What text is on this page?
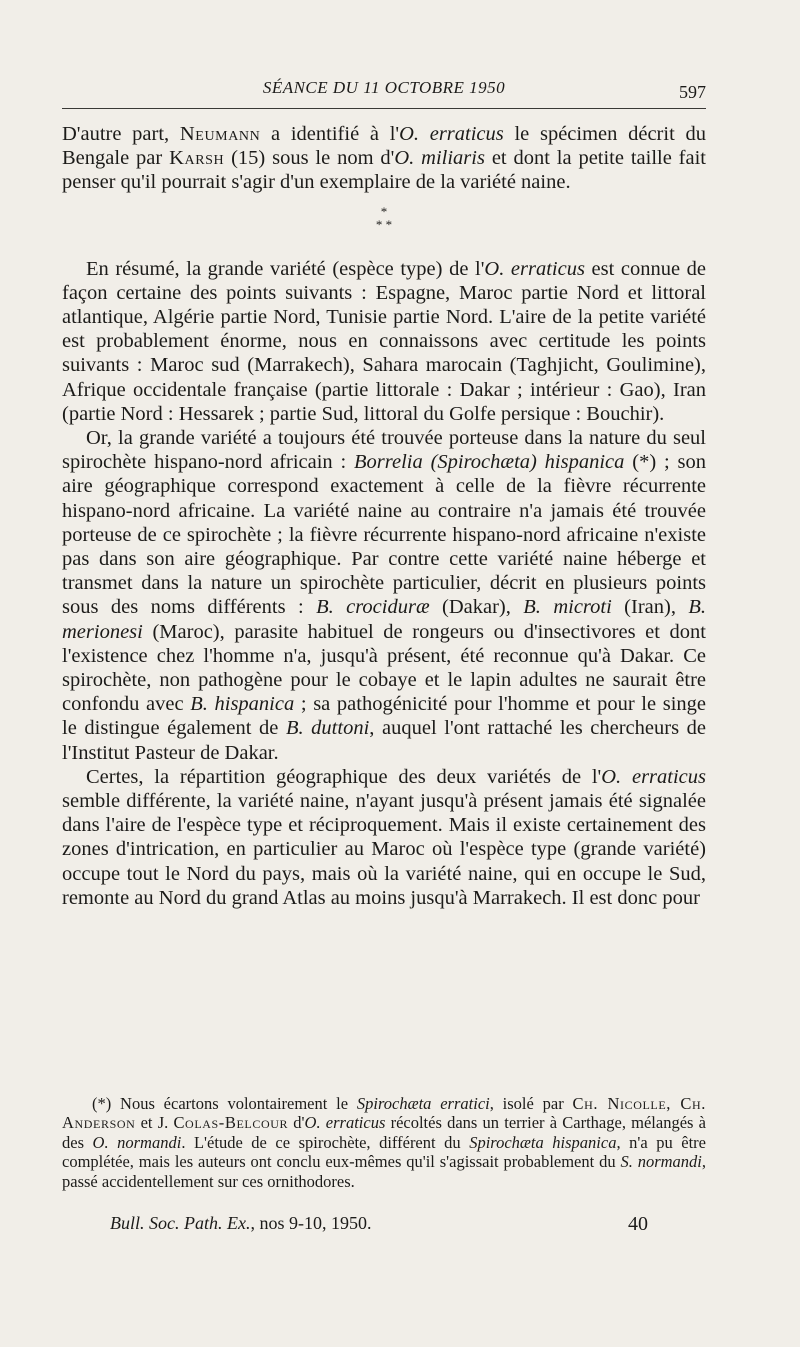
SÉANCE DU 11 OCTOBRE 1950	597

D'autre part, Neumann a identifié à l'O. erraticus le spécimen décrit du Bengale par Karsh (15) sous le nom d'O. miliaris et dont la petite taille fait penser qu'il pourrait s'agir d'un exemplaire de la variété naine.

*
* *

En résumé, la grande variété (espèce type) de l'O. erraticus est connue de façon certaine des points suivants : Espagne, Maroc partie Nord et littoral atlantique, Algérie partie Nord, Tunisie partie Nord. L'aire de la petite variété est probablement énorme, nous en connaissons avec certitude les points suivants : Maroc sud (Marrakech), Sahara marocain (Taghjicht, Goulimine), Afrique occidentale française (partie littorale : Dakar ; intérieur : Gao), Iran (partie Nord : Hessarek ; partie Sud, littoral du Golfe persique : Bouchir).

Or, la grande variété a toujours été trouvée porteuse dans la nature du seul spirochète hispano-nord africain : Borrelia (Spirochæta) hispanica (*) ; son aire géographique correspond exactement à celle de la fièvre récurrente hispano-nord africaine. La variété naine au contraire n'a jamais été trouvée porteuse de ce spirochète ; la fièvre récurrente hispano-nord africaine n'existe pas dans son aire géographique. Par contre cette variété naine héberge et transmet dans la nature un spirochète particulier, décrit en plusieurs points sous des noms différents : B. crociduræ (Dakar), B. microti (Iran), B. merionesi (Maroc), parasite habituel de rongeurs ou d'insectivores et dont l'existence chez l'homme n'a, jusqu'à présent, été reconnue qu'à Dakar. Ce spirochète, non pathogène pour le cobaye et le lapin adultes ne saurait être confondu avec B. hispanica ; sa pathogénicité pour l'homme et pour le singe le distingue également de B. duttoni, auquel l'ont rattaché les chercheurs de l'Institut Pasteur de Dakar.

Certes, la répartition géographique des deux variétés de l'O. erraticus semble différente, la variété naine, n'ayant jusqu'à présent jamais été signalée dans l'aire de l'espèce type et réciproquement. Mais il existe certainement des zones d'intrication, en particulier au Maroc où l'espèce type (grande variété) occupe tout le Nord du pays, mais où la variété naine, qui en occupe le Sud, remonte au Nord du grand Atlas au moins jusqu'à Marrakech. Il est donc pour

(*) Nous écartons volontairement le Spirochæta erratici, isolé par Ch. Nicolle, Ch. Anderson et J. Colas-Belcour d'O. erraticus récoltés dans un terrier à Carthage, mélangés à des O. normandi. L'étude de ce spirochète, différent du Spirochæta hispanica, n'a pu être complétée, mais les auteurs ont conclu eux-mêmes qu'il s'agissait probablement du S. normandi, passé accidentellement sur ces ornithodores.

Bull. Soc. Path. Ex., nos 9-10, 1950.	40
